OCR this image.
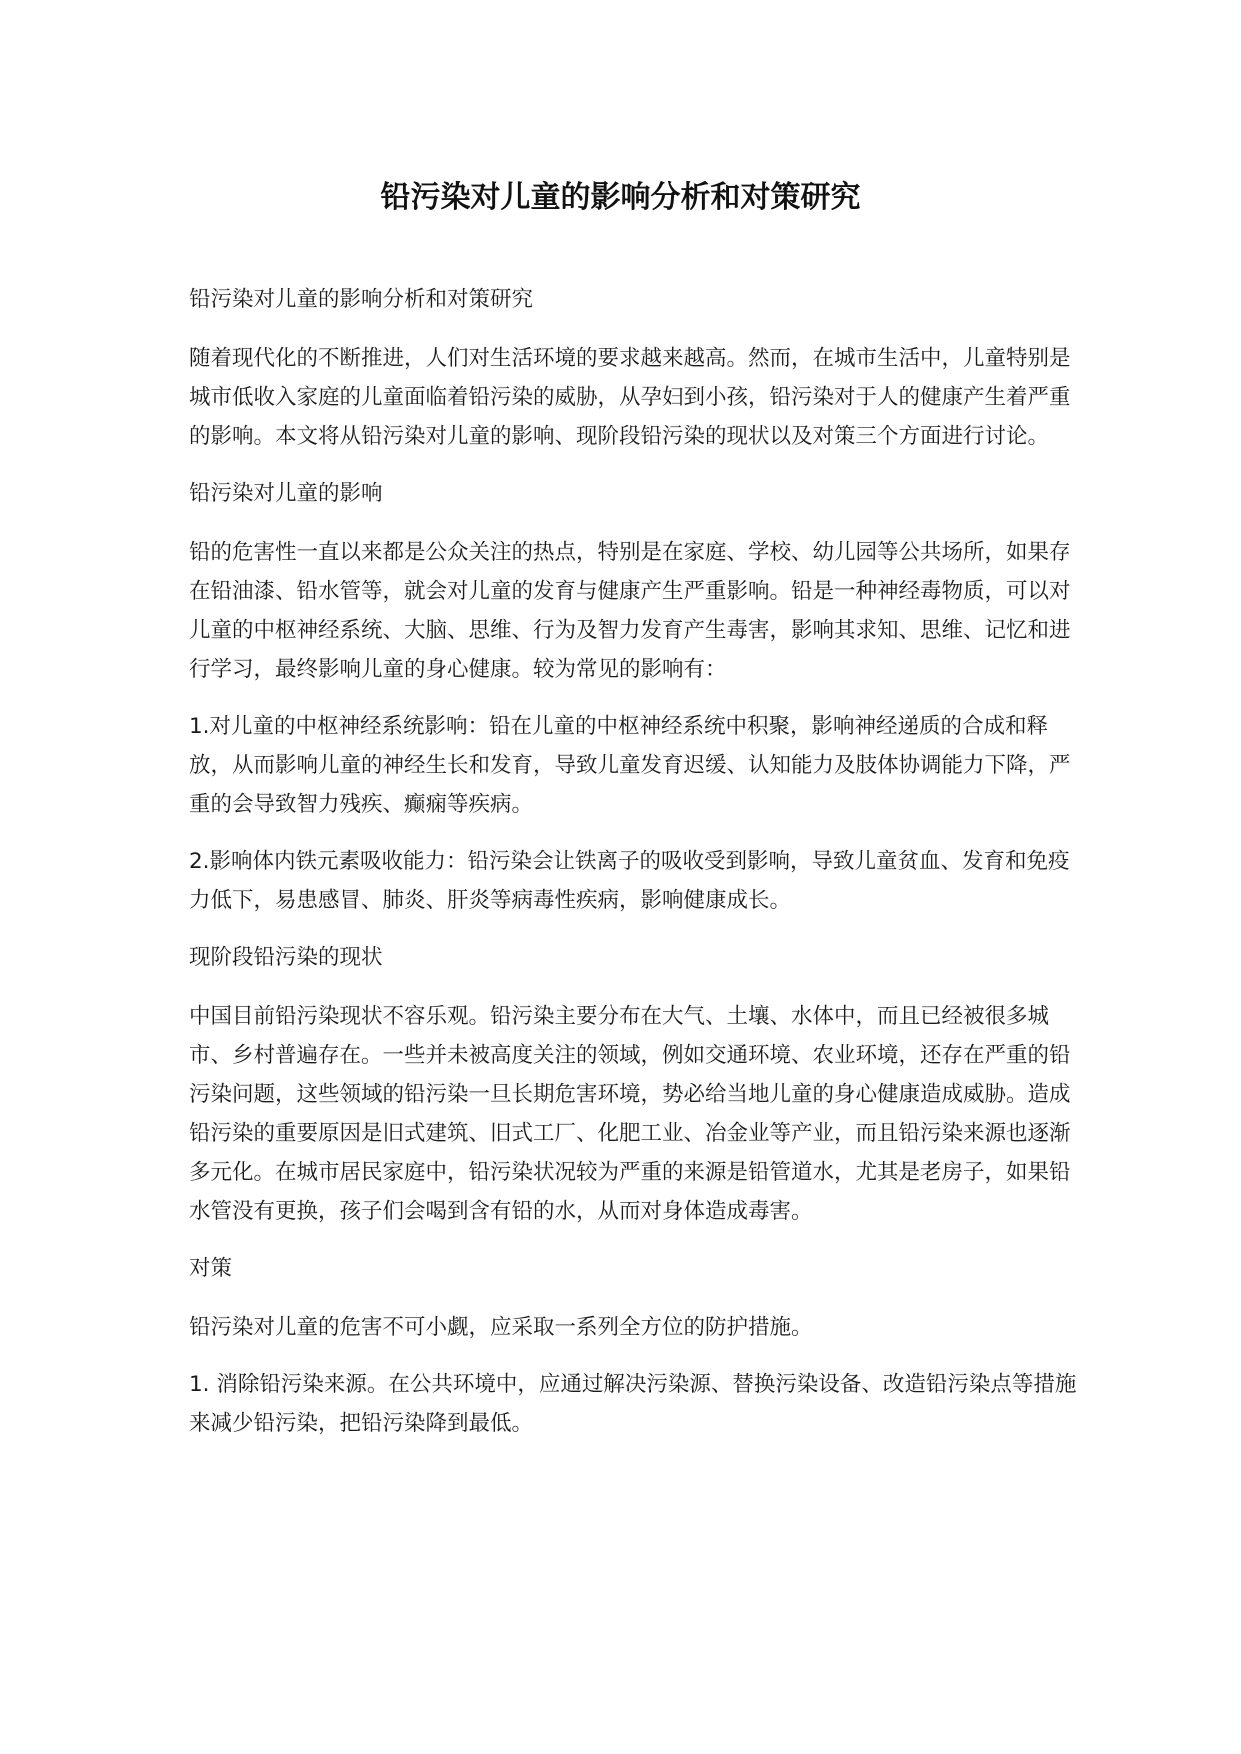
铅污染对儿童的影响分析和对策研究

铅污染对儿童的影响分析和对策研究

随着现代化的不断推进，人们对生活环境的要求越来越高。然而，在城市生活中，儿童特别是城市低收入家庭的儿童面临着铅污染的威胁，从孕妇到小孩，铅污染对于人的健康产生着严重的影响。本文将从铅污染对儿童的影响、现阶段铅污染的现状以及对策三个方面进行讨论。

铅污染对儿童的影响

铅的危害性一直以来都是公众关注的热点，特别是在家庭、学校、幼儿园等公共场所，如果存在铅油漆、铅水管等，就会对儿童的发育与健康产生严重影响。铅是一种神经毒物质，可以对儿童的中枢神经系统、大脑、思维、行为及智力发育产生毒害，影响其求知、思维、记忆和进行学习，最终影响儿童的身心健康。较为常见的影响有：

1.对儿童的中枢神经系统影响：铅在儿童的中枢神经系统中积聚，影响神经递质的合成和释放，从而影响儿童的神经生长和发育，导致儿童发育迟缓、认知能力及肢体协调能力下降，严重的会导致智力残疾、癫痫等疾病。

2.影响体内铁元素吸收能力：铅污染会让铁离子的吸收受到影响，导致儿童贫血、发育和免疫力低下，易患感冒、肺炎、肝炎等病毒性疾病，影响健康成长。

现阶段铅污染的现状

中国目前铅污染现状不容乐观。铅污染主要分布在大气、土壤、水体中，而且已经被很多城市、乡村普遍存在。一些并未被高度关注的领域，例如交通环境、农业环境，还存在严重的铅污染问题，这些领域的铅污染一旦长期危害环境，势必给当地儿童的身心健康造成威胁。造成铅污染的重要原因是旧式建筑、旧式工厂、化肥工业、冶金业等产业，而且铅污染来源也逐渐多元化。在城市居民家庭中，铅污染状况较为严重的来源是铅管道水，尤其是老房子，如果铅水管没有更换，孩子们会喝到含有铅的水，从而对身体造成毒害。

对策

铅污染对儿童的危害不可小觑，应采取一系列全方位的防护措施。

1. 消除铅污染来源。在公共环境中，应通过解决污染源、替换污染设备、改造铅污染点等措施来减少铅污染，把铅污染降到最低。
